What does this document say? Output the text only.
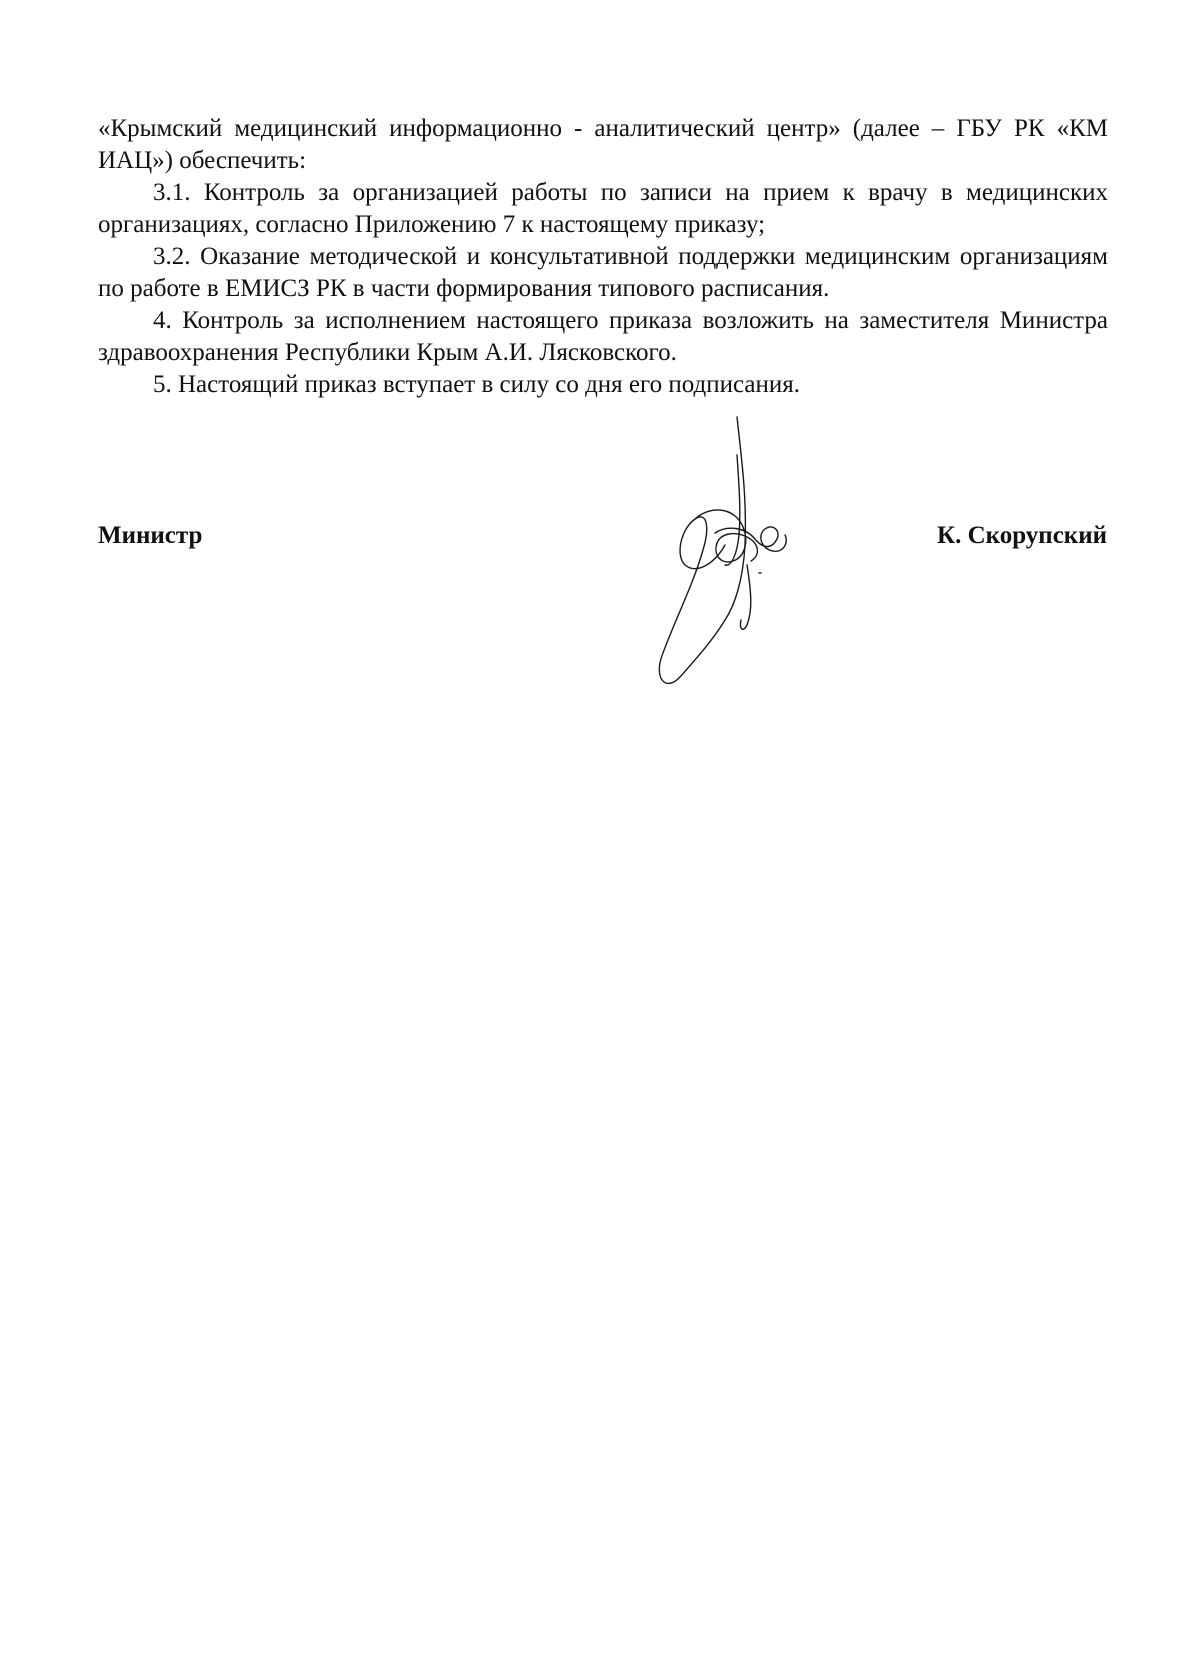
«Крымский медицинский информационно - аналитический центр» (далее – ГБУ РК «КМ ИАЦ») обеспечить:

3.1. Контроль за организацией работы по записи на прием к врачу в медицинских организациях, согласно Приложению 7 к настоящему приказу;

3.2. Оказание методической и консультативной поддержки медицинским организациям по работе в ЕМИСЗ РК в части формирования типового расписания.

4. Контроль за исполнением настоящего приказа возложить на заместителя Министра здравоохранения Республики Крым А.И. Лясковского.

5. Настоящий приказ вступает в силу со дня его подписания.

Министр	К. Скорупский
